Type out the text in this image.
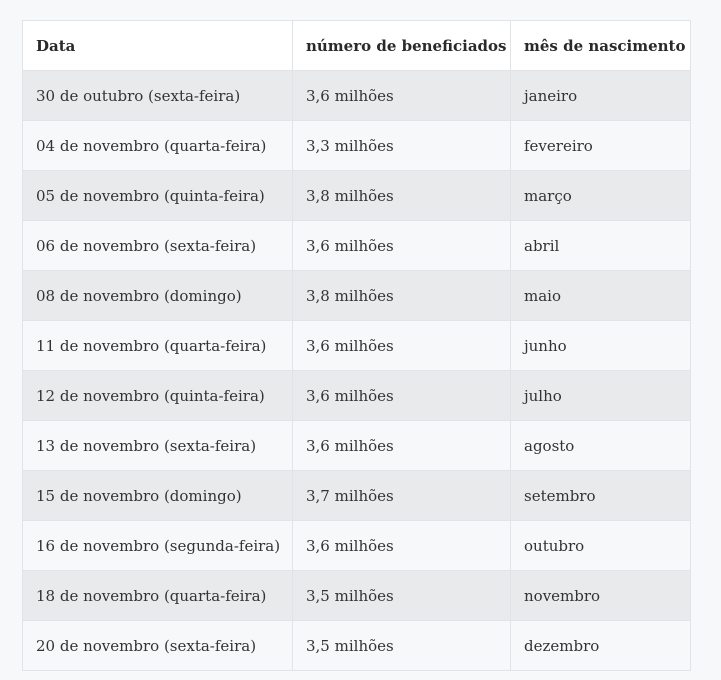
Data	número de beneficiados	mês de nascimento
30 de outubro (sexta-feira)	3,6 milhões	janeiro
04 de novembro (quarta-feira)	3,3 milhões	fevereiro
05 de novembro (quinta-feira)	3,8 milhões	março
06 de novembro (sexta-feira)	3,6 milhões	abril
08 de novembro (domingo)	3,8 milhões	maio
11 de novembro (quarta-feira)	3,6 milhões	junho
12 de novembro (quinta-feira)	3,6 milhões	julho
13 de novembro (sexta-feira)	3,6 milhões	agosto
15 de novembro (domingo)	3,7 milhões	setembro
16 de novembro (segunda-feira)	3,6 milhões	outubro
18 de novembro (quarta-feira)	3,5 milhões	novembro
20 de novembro (sexta-feira)	3,5 milhões	dezembro
